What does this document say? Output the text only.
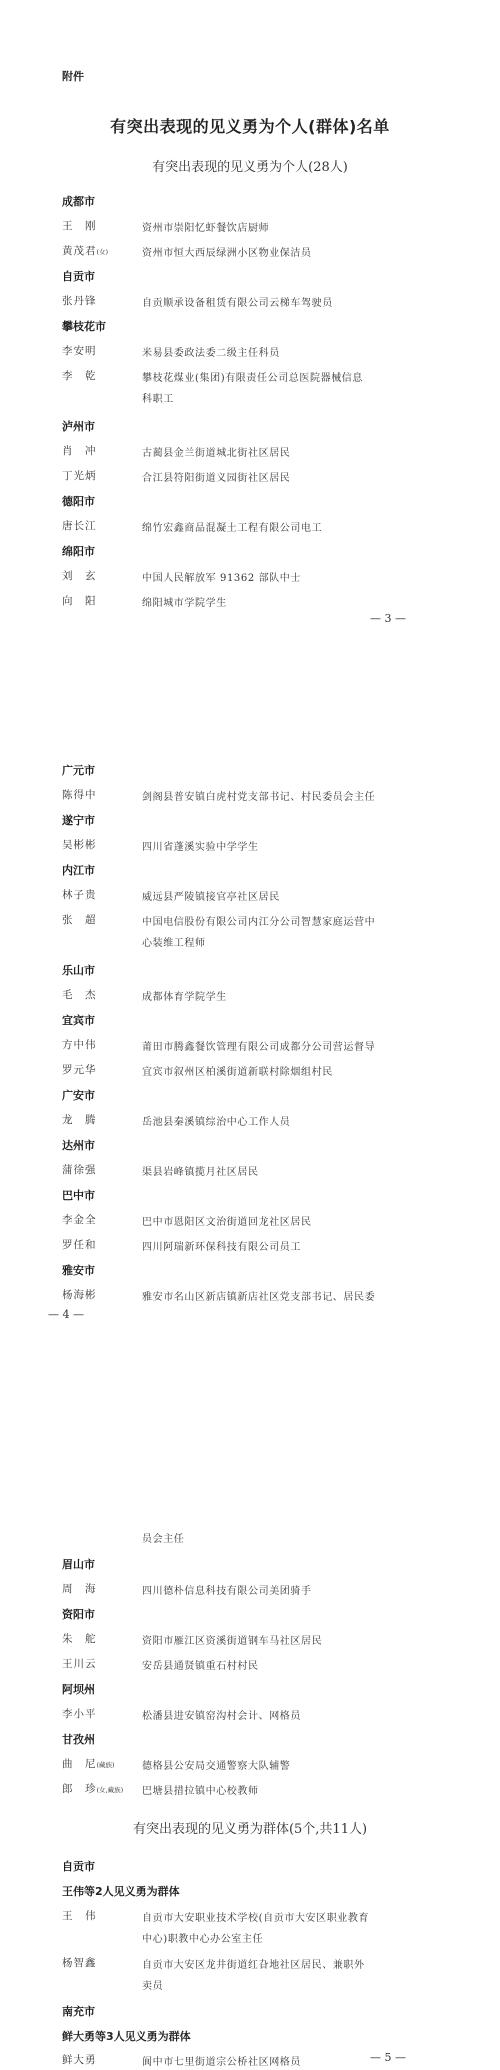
附件
有突出表现的见义勇为个人(群体)名单
有突出表现的见义勇为个人(28人)
成都市
王　刚	资州市崇阳忆虾餐饮店厨师
黄茂君(女)	资州市恒大西辰绿洲小区物业保洁员
自贡市
张丹锋	自贡顺承设备租赁有限公司云梯车驾驶员
攀枝花市
李安明	米易县委政法委二级主任科员
李　乾	攀枝花煤业(集团)有限责任公司总医院器械信息
科职工
泸州市
肖　冲	古蔺县金兰街道城北街社区居民
丁光炳	合江县符阳街道义园街社区居民
德阳市
唐长江	绵竹宏鑫商品混凝土工程有限公司电工
绵阳市
刘　玄	中国人民解放军 91362 部队中士
向　阳	绵阳城市学院学生
— 3 —
广元市
陈得中	剑阁县普安镇白虎村党支部书记、村民委员会主任
遂宁市
吴彬彬	四川省蓬溪实验中学学生
内江市
林子贵	威远县严陵镇接官亭社区居民
张　超	中国电信股份有限公司内江分公司智慧家庭运营中
心装维工程师
乐山市
毛　杰	成都体育学院学生
宜宾市
方中伟	莆田市腾鑫餐饮管理有限公司成都分公司营运督导
罗元华	宜宾市叙州区柏溪街道新联村除烟组村民
广安市
龙　腾	岳池县秦溪镇综治中心工作人员
达州市
蒲徐强	渠县岩峰镇揽月社区居民
巴中市
李金全	巴中市恩阳区文治街道回龙社区居民
罗任和	四川阿瑞新环保科技有限公司员工
雅安市
杨海彬	雅安市名山区新店镇新店社区党支部书记、居民委
— 4 —
员会主任
眉山市
周　海	四川德朴信息科技有限公司美团骑手
资阳市
朱　舵	资阳市雁江区资溪街道钢车马社区居民
王川云	安岳县通贤镇重石村村民
阿坝州
李小平	松潘县进安镇窑沟村会计、网格员
甘孜州
曲　尼(藏族)	德格县公安局交通警察大队辅警
郎　珍(女,藏族) 巴塘县措拉镇中心校教师
有突出表现的见义勇为群体(5个,共11人)
自贡市
王伟等2人见义勇为群体
王　伟	自贡市大安职业技术学校(自贡市大安区职业教育
中心)职教中心办公室主任
杨智鑫	自贡市大安区龙井街道红旮地社区居民、兼职外
卖员
南充市
鲜大勇等3人见义勇为群体
鲜大勇	阆中市七里街道宗公桥社区网格员	— 5 —
